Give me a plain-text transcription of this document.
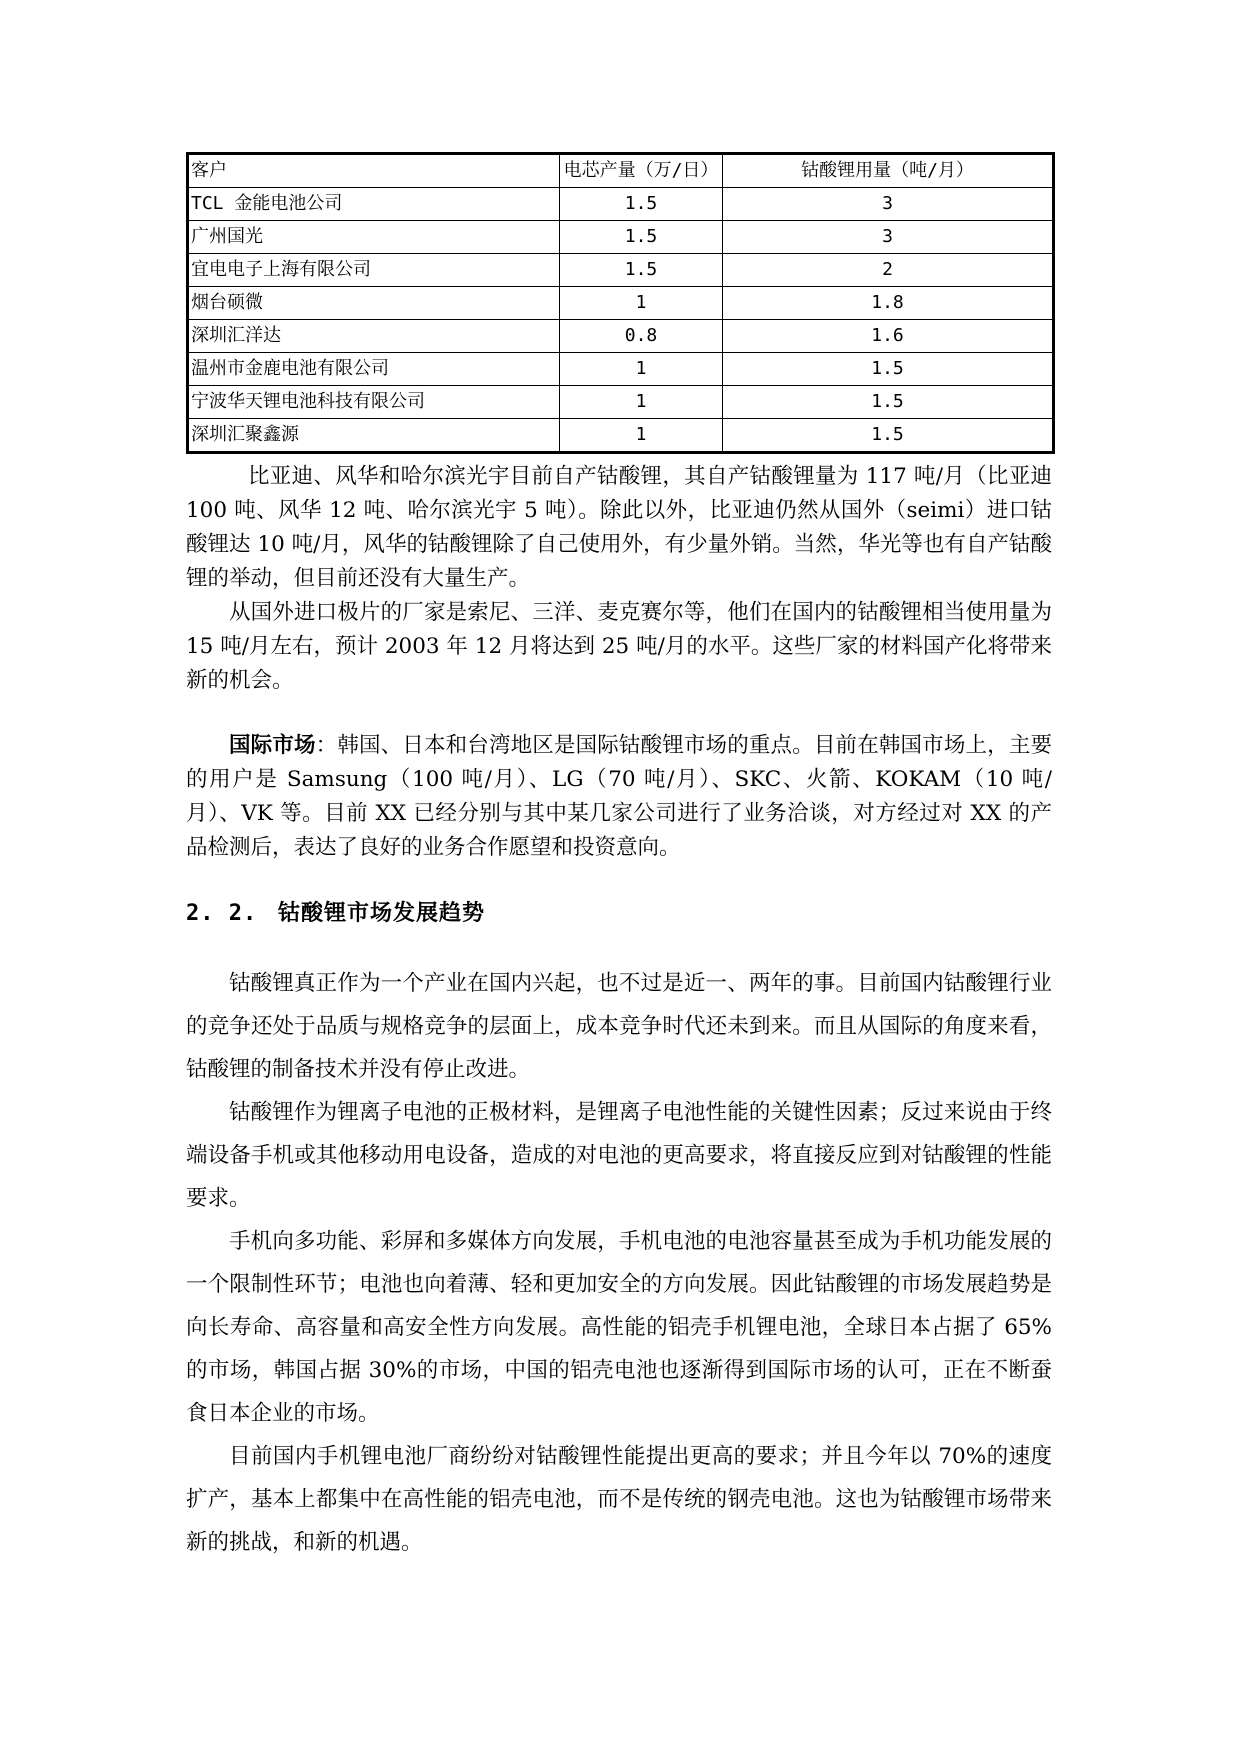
客户	电芯产量（万/日）	钴酸锂用量（吨/月）
TCL 金能电池公司	1.5	3
广州国光	1.5	3
宜电电子上海有限公司	1.5	2
烟台硕微	1	1.8
深圳汇洋达	0.8	1.6
温州市金鹿电池有限公司	1	1.5
宁波华天锂电池科技有限公司	1	1.5
深圳汇聚鑫源	1	1.5

比亚迪、风华和哈尔滨光宇目前自产钴酸锂，其自产钴酸锂量为 117 吨/月（比亚迪 100 吨、风华 12 吨、哈尔滨光宇 5 吨）。除此以外，比亚迪仍然从国外（seimi）进口钴酸锂达 10 吨/月，风华的钴酸锂除了自己使用外，有少量外销。当然，华光等也有自产钴酸锂的举动，但目前还没有大量生产。

从国外进口极片的厂家是索尼、三洋、麦克赛尔等，他们在国内的钴酸锂相当使用量为 15 吨/月左右，预计 2003 年 12 月将达到 25 吨/月的水平。这些厂家的材料国产化将带来新的机会。

国际市场：韩国、日本和台湾地区是国际钴酸锂市场的重点。目前在韩国市场上，主要的用户是 Samsung（100 吨/月）、LG（70 吨/月）、SKC、火箭、KOKAM（10 吨/月）、VK 等。目前 XX 已经分别与其中某几家公司进行了业务洽谈，对方经过对 XX 的产品检测后，表达了良好的业务合作愿望和投资意向。

2. 2. 钴酸锂市场发展趋势

钴酸锂真正作为一个产业在国内兴起，也不过是近一、两年的事。目前国内钴酸锂行业的竞争还处于品质与规格竞争的层面上，成本竞争时代还未到来。而且从国际的角度来看，钴酸锂的制备技术并没有停止改进。

钴酸锂作为锂离子电池的正极材料，是锂离子电池性能的关键性因素；反过来说由于终端设备手机或其他移动用电设备，造成的对电池的更高要求，将直接反应到对钴酸锂的性能要求。

手机向多功能、彩屏和多媒体方向发展，手机电池的电池容量甚至成为手机功能发展的一个限制性环节；电池也向着薄、轻和更加安全的方向发展。因此钴酸锂的市场发展趋势是向长寿命、高容量和高安全性方向发展。高性能的铝壳手机锂电池，全球日本占据了 65%的市场，韩国占据 30%的市场，中国的铝壳电池也逐渐得到国际市场的认可，正在不断蚕食日本企业的市场。

目前国内手机锂电池厂商纷纷对钴酸锂性能提出更高的要求；并且今年以 70%的速度扩产，基本上都集中在高性能的铝壳电池，而不是传统的钢壳电池。这也为钴酸锂市场带来新的挑战，和新的机遇。
